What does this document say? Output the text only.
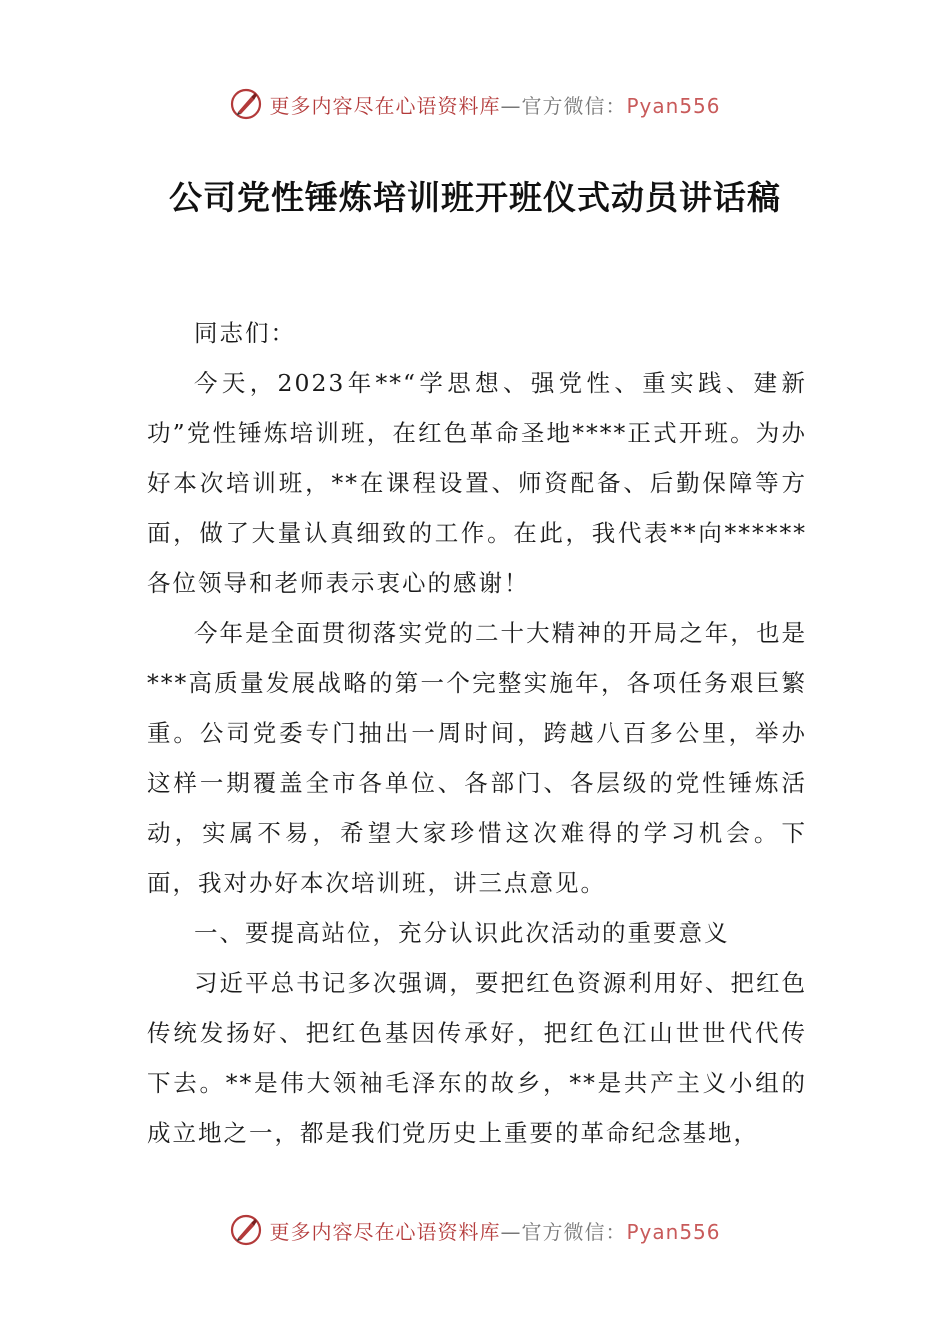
更多内容尽在心语资料库—官方微信：Pyan556
公司党性锤炼培训班开班仪式动员讲话稿

同志们：

今天，2023年**“学思想、强党性、重实践、建新功”党性锤炼培训班，在红色革命圣地****正式开班。为办好本次培训班，**在课程设置、师资配备、后勤保障等方面，做了大量认真细致的工作。在此，我代表**向******各位领导和老师表示衷心的感谢！

今年是全面贯彻落实党的二十大精神的开局之年，也是***高质量发展战略的第一个完整实施年，各项任务艰巨繁重。公司党委专门抽出一周时间，跨越八百多公里，举办这样一期覆盖全市各单位、各部门、各层级的党性锤炼活动，实属不易，希望大家珍惜这次难得的学习机会。下面，我对办好本次培训班，讲三点意见。

一、要提高站位，充分认识此次活动的重要意义

习近平总书记多次强调，要把红色资源利用好、把红色传统发扬好、把红色基因传承好，把红色江山世世代代传下去。**是伟大领袖毛泽东的故乡，**是共产主义小组的成立地之一，都是我们党历史上重要的革命纪念基地，

更多内容尽在心语资料库—官方微信：Pyan556
